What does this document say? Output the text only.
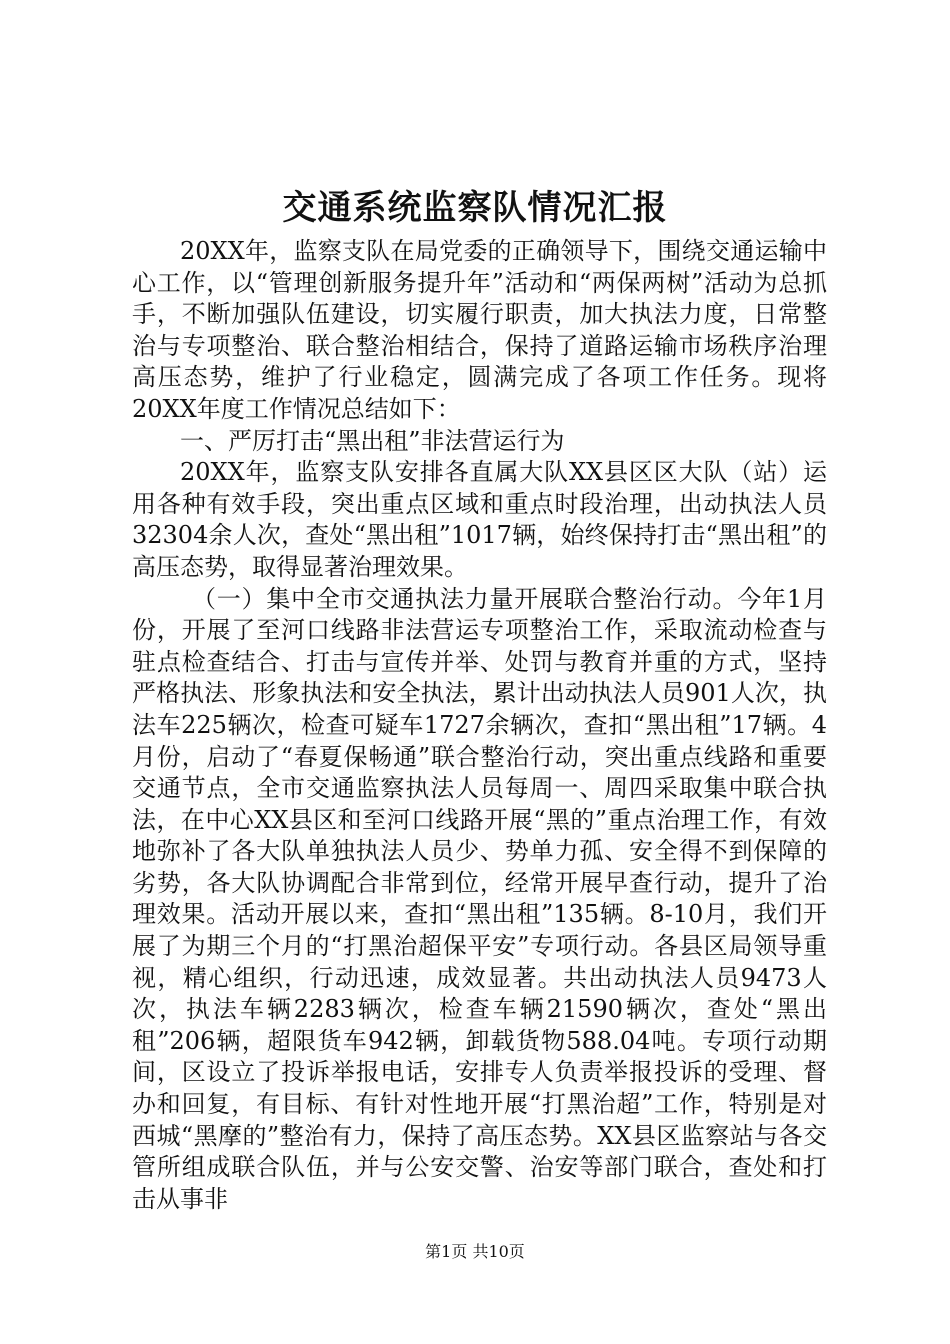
交通系统监察队情况汇报

20XX年，监察支队在局党委的正确领导下，围绕交通运输中心工作，以“管理创新服务提升年”活动和“两保两树”活动为总抓手，不断加强队伍建设，切实履行职责，加大执法力度，日常整治与专项整治、联合整治相结合，保持了道路运输市场秩序治理高压态势，维护了行业稳定，圆满完成了各项工作任务。现将20XX年度工作情况总结如下：

一、严厉打击“黑出租”非法营运行为

20XX年，监察支队安排各直属大队XX县区区大队（站）运用各种有效手段，突出重点区域和重点时段治理，出动执法人员32304余人次，查处“黑出租”1017辆，始终保持打击“黑出租”的高压态势，取得显著治理效果。

（一）集中全市交通执法力量开展联合整治行动。今年1月份，开展了至河口线路非法营运专项整治工作，采取流动检查与驻点检查结合、打击与宣传并举、处罚与教育并重的方式，坚持严格执法、形象执法和安全执法，累计出动执法人员901人次，执法车225辆次，检查可疑车1727余辆次，查扣“黑出租”17辆。4月份，启动了“春夏保畅通”联合整治行动，突出重点线路和重要交通节点，全市交通监察执法人员每周一、周四采取集中联合执法，在中心XX县区和至河口线路开展“黑的”重点治理工作，有效地弥补了各大队单独执法人员少、势单力孤、安全得不到保障的劣势，各大队协调配合非常到位，经常开展早查行动，提升了治理效果。活动开展以来，查扣“黑出租”135辆。8-10月，我们开展了为期三个月的“打黑治超保平安”专项行动。各县区局领导重视，精心组织，行动迅速，成效显著。共出动执法人员9473人次，执法车辆2283辆次，检查车辆21590辆次，查处“黑出租”206辆，超限货车942辆，卸载货物588.04吨。专项行动期间，区设立了投诉举报电话，安排专人负责举报投诉的受理、督办和回复，有目标、有针对性地开展“打黑治超”工作，特别是对西城“黑摩的”整治有力，保持了高压态势。XX县区监察站与各交管所组成联合队伍，并与公安交警、治安等部门联合，查处和打击从事非

第1页 共10页
